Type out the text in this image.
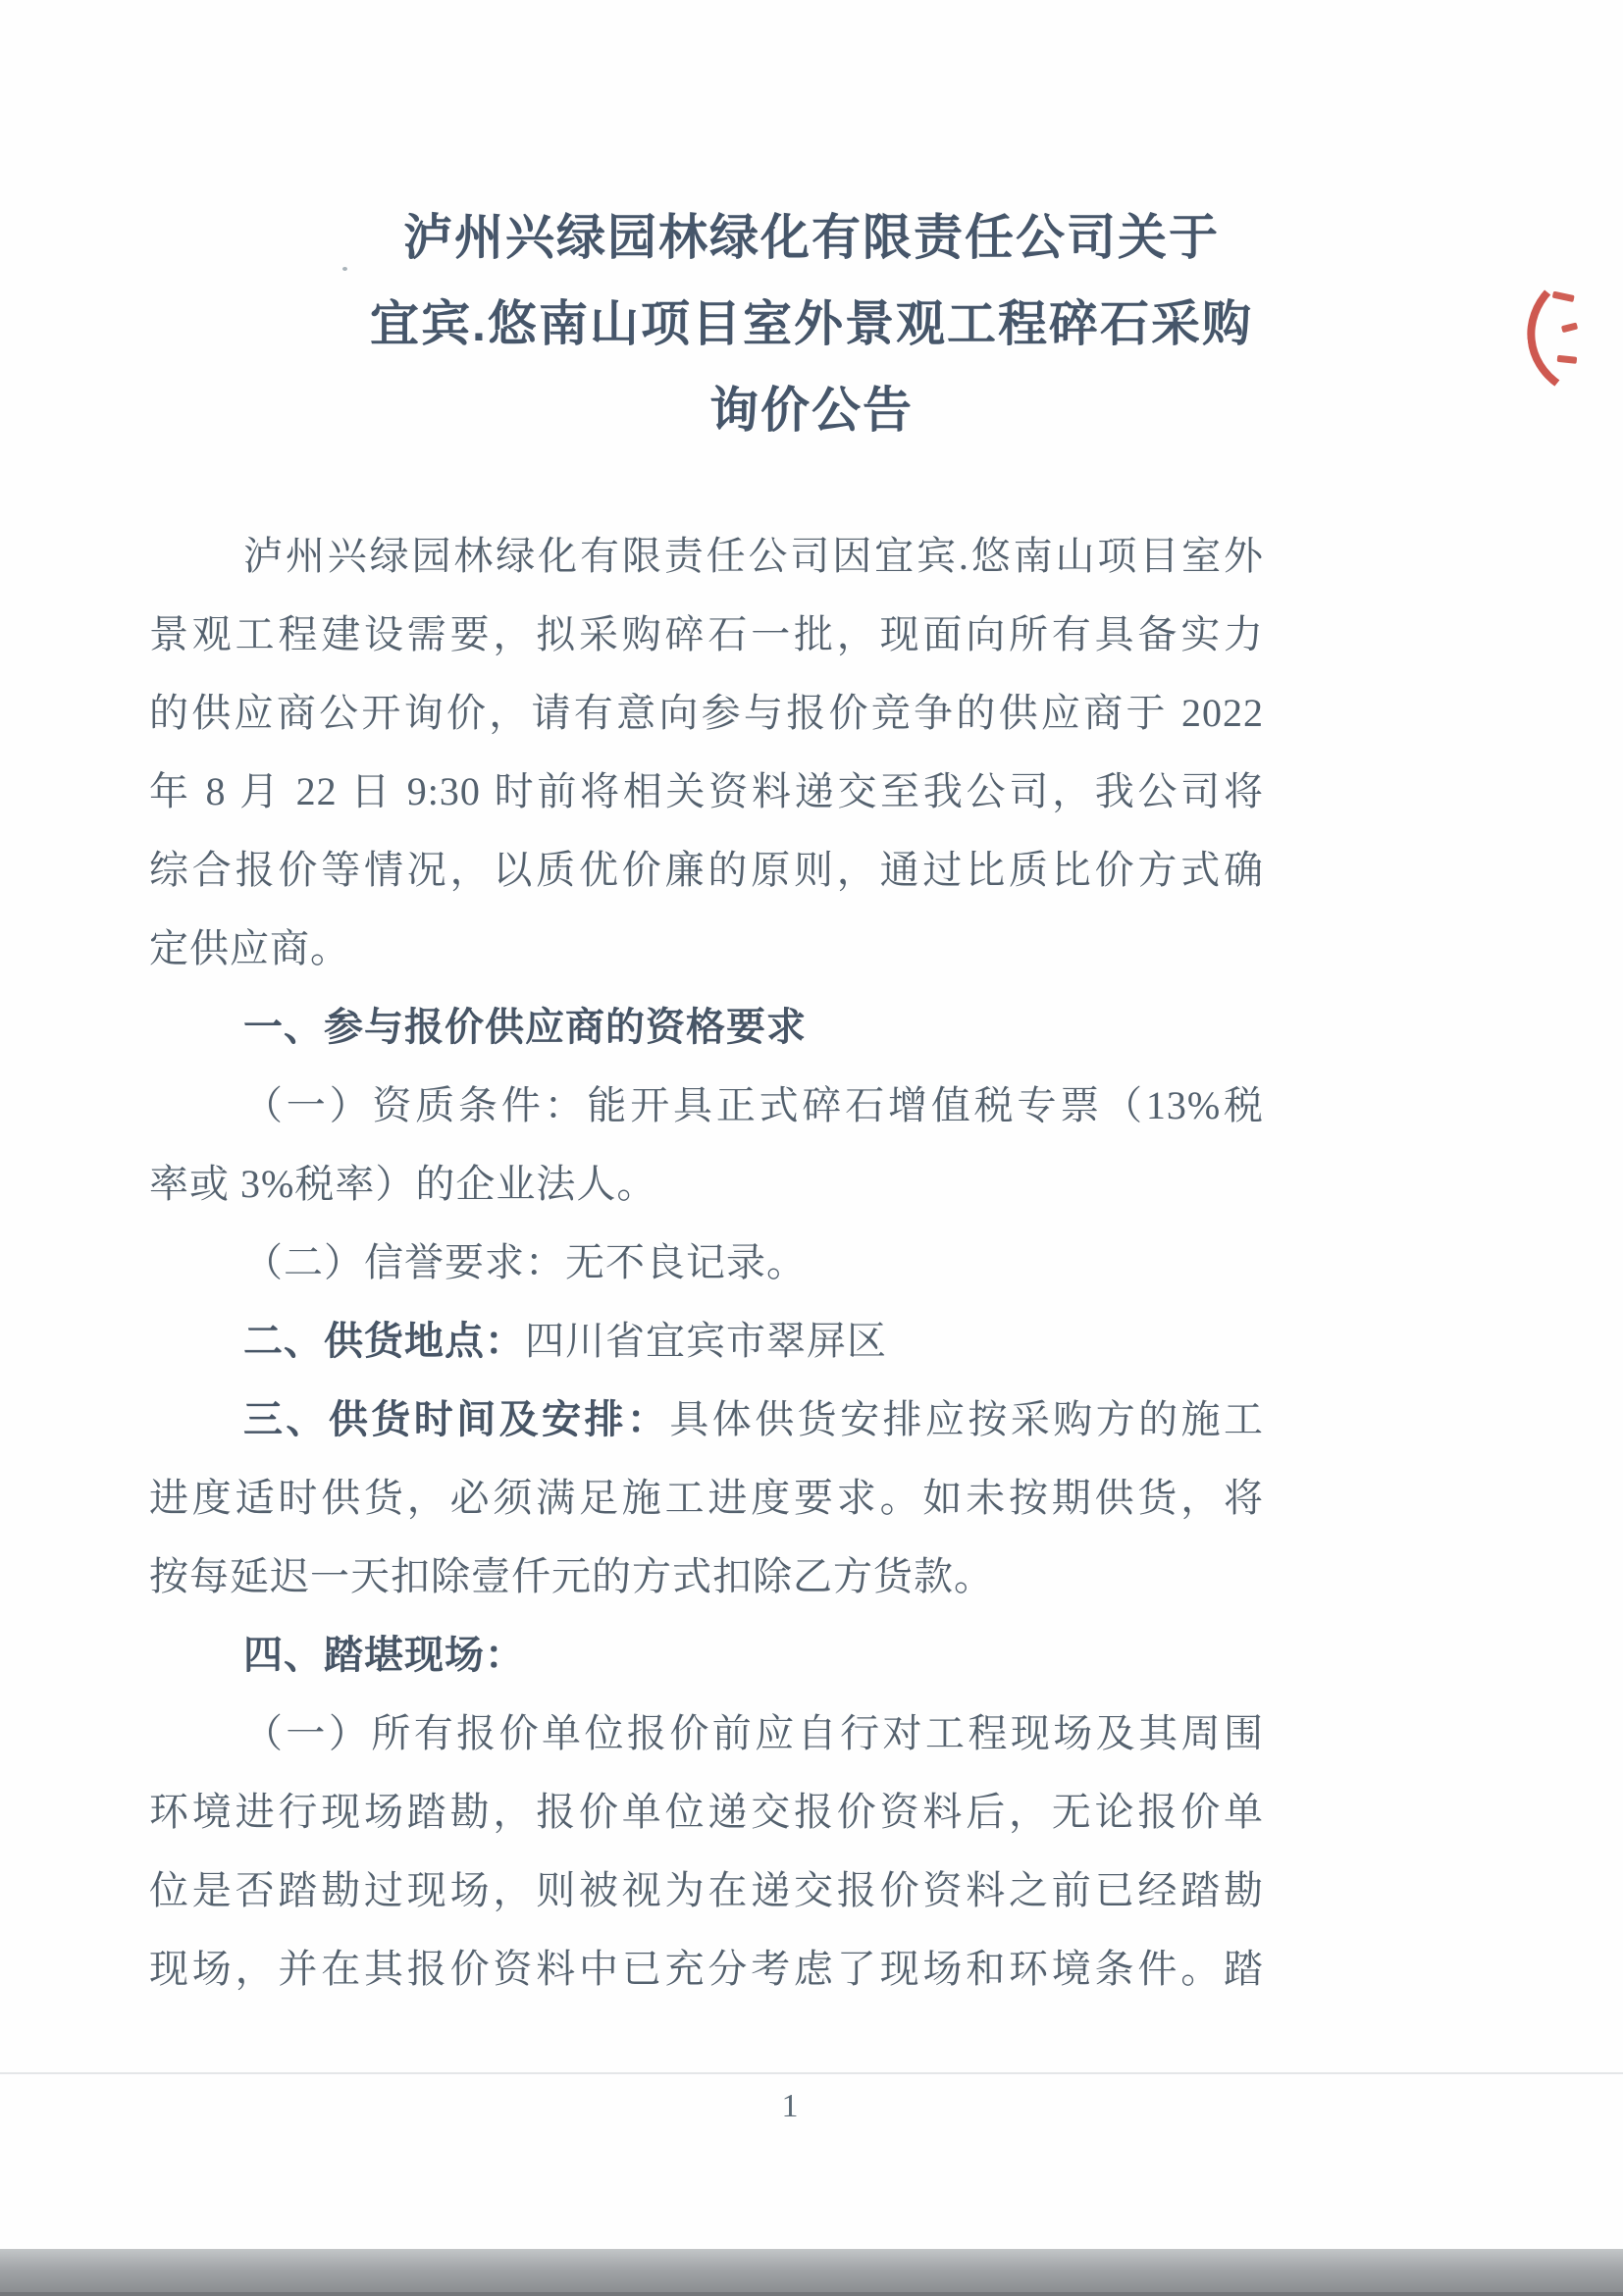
泸州兴绿园林绿化有限责任公司关于
宜宾.悠南山项目室外景观工程碎石采购
询价公告
泸州兴绿园林绿化有限责任公司因宜宾.悠南山项目室外
景观工程建设需要，拟采购碎石一批，现面向所有具备实力
的供应商公开询价，请有意向参与报价竞争的供应商于 2022
年 8 月 22 日 9:30 时前将相关资料递交至我公司，我公司将
综合报价等情况，以质优价廉的原则，通过比质比价方式确
定供应商。
一、参与报价供应商的资格要求
（一）资质条件：能开具正式碎石增值税专票（13%税
率或 3%税率）的企业法人。
（二）信誉要求：无不良记录。
二、供货地点：四川省宜宾市翠屏区
三、供货时间及安排：具体供货安排应按采购方的施工
进度适时供货，必须满足施工进度要求。如未按期供货，将
按每延迟一天扣除壹仟元的方式扣除乙方货款。
四、踏堪现场：
（一）所有报价单位报价前应自行对工程现场及其周围
环境进行现场踏勘，报价单位递交报价资料后，无论报价单
位是否踏勘过现场，则被视为在递交报价资料之前已经踏勘
现场，并在其报价资料中已充分考虑了现场和环境条件。踏
1
